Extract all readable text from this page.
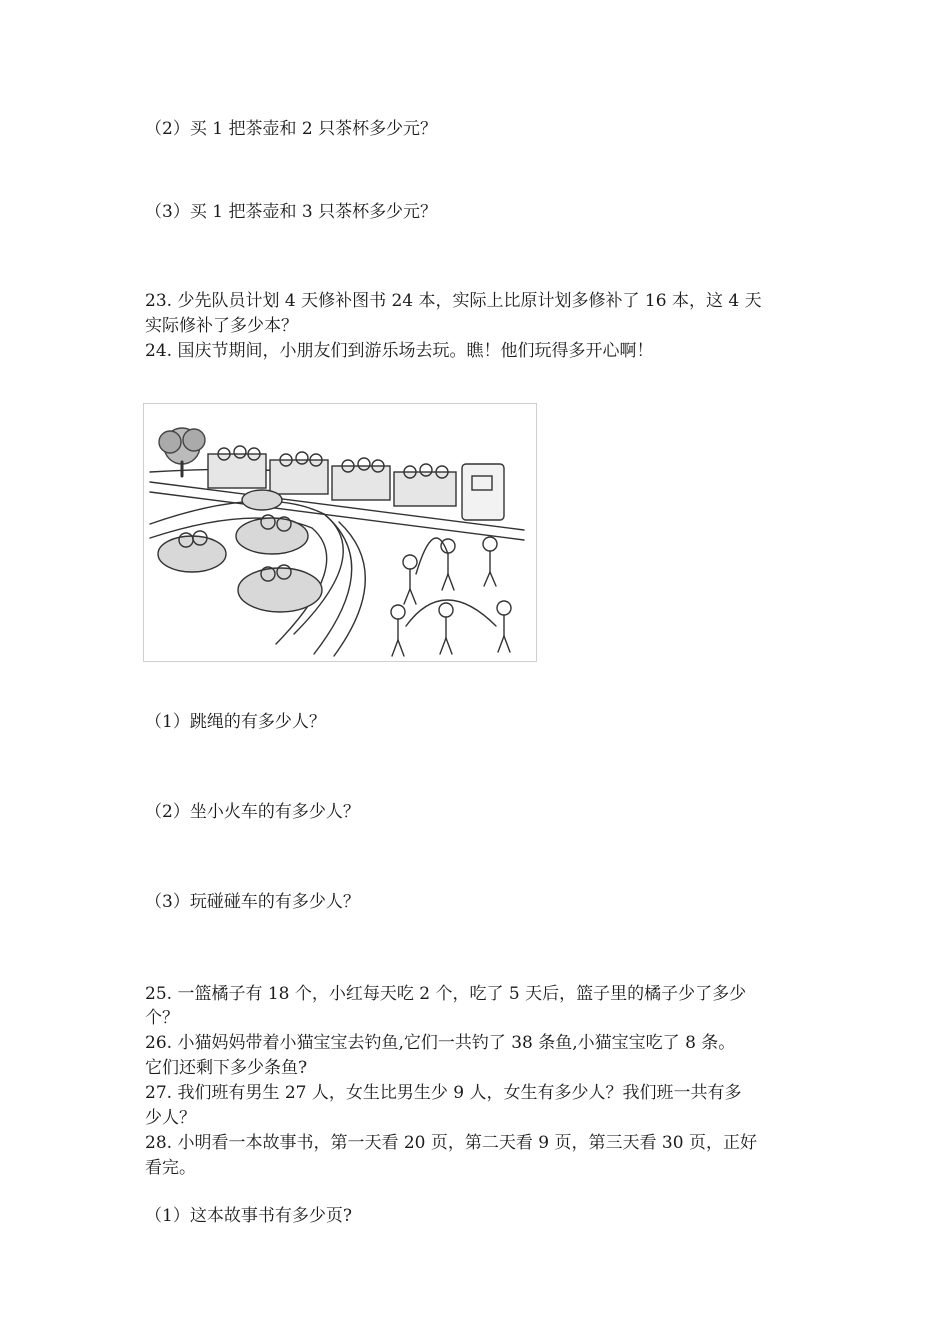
（2）买 1 把茶壶和 2 只茶杯多少元？
（3）买 1 把茶壶和 3 只茶杯多少元？
23. 少先队员计划 4 天修补图书 24 本，实际上比原计划多修补了 16 本，这 4 天
实际修补了多少本？
24. 国庆节期间，小朋友们到游乐场去玩。瞧！他们玩得多开心啊！
（1）跳绳的有多少人？
（2）坐小火车的有多少人？
（3）玩碰碰车的有多少人？
25. 一篮橘子有 18 个，小红每天吃 2 个，吃了 5 天后，篮子里的橘子少了多少
个？
26. 小猫妈妈带着小猫宝宝去钓鱼,它们一共钓了 38 条鱼,小猫宝宝吃了 8 条。
它们还剩下多少条鱼?
27. 我们班有男生 27 人，女生比男生少 9 人，女生有多少人？我们班一共有多
少人？
28. 小明看一本故事书，第一天看 20 页，第二天看 9 页，第三天看 30 页，正好
看完。
（1）这本故事书有多少页?
